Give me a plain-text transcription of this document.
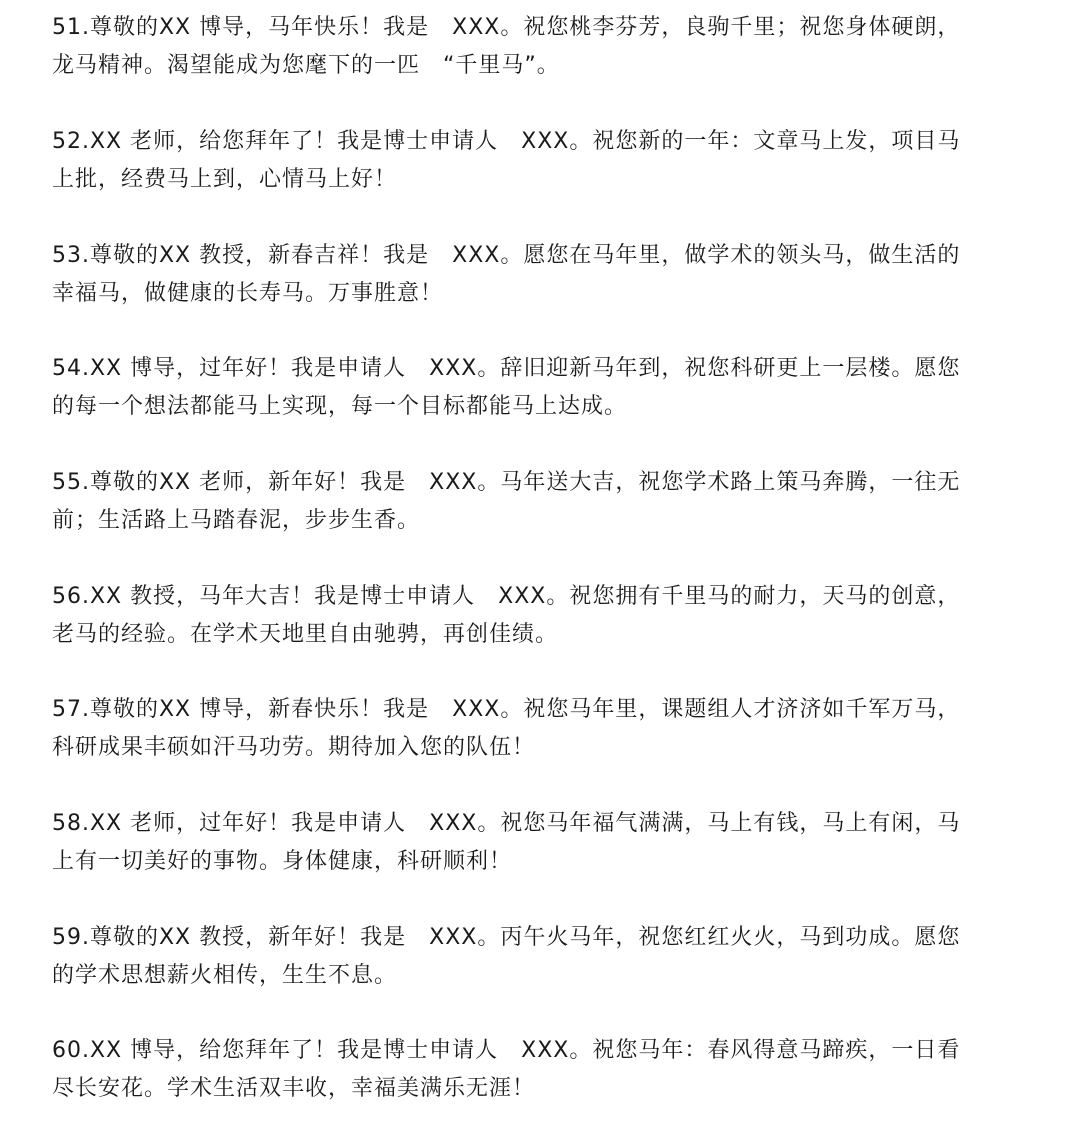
51.尊敬的XX 博导，马年快乐！我是　XXX。祝您桃李芬芳，良驹千里；祝您身体硬朗，
龙马精神。渴望能成为您麾下的一匹　“千里马”。
52.XX 老师，给您拜年了！我是博士申请人　XXX。祝您新的一年：文章马上发，项目马
上批，经费马上到，心情马上好！
53.尊敬的XX 教授，新春吉祥！我是　XXX。愿您在马年里，做学术的领头马，做生活的
幸福马，做健康的长寿马。万事胜意！
54.XX 博导，过年好！我是申请人　XXX。辞旧迎新马年到，祝您科研更上一层楼。愿您
的每一个想法都能马上实现，每一个目标都能马上达成。
55.尊敬的XX 老师，新年好！我是　XXX。马年送大吉，祝您学术路上策马奔腾，一往无
前；生活路上马踏春泥，步步生香。
56.XX 教授，马年大吉！我是博士申请人　XXX。祝您拥有千里马的耐力，天马的创意，
老马的经验。在学术天地里自由驰骋，再创佳绩。
57.尊敬的XX 博导，新春快乐！我是　XXX。祝您马年里，课题组人才济济如千军万马，
科研成果丰硕如汗马功劳。期待加入您的队伍！
58.XX 老师，过年好！我是申请人　XXX。祝您马年福气满满，马上有钱，马上有闲，马
上有一切美好的事物。身体健康，科研顺利！
59.尊敬的XX 教授，新年好！我是　XXX。丙午火马年，祝您红红火火，马到功成。愿您
的学术思想薪火相传，生生不息。
60.XX 博导，给您拜年了！我是博士申请人　XXX。祝您马年：春风得意马蹄疾，一日看
尽长安花。学术生活双丰收，幸福美满乐无涯！
